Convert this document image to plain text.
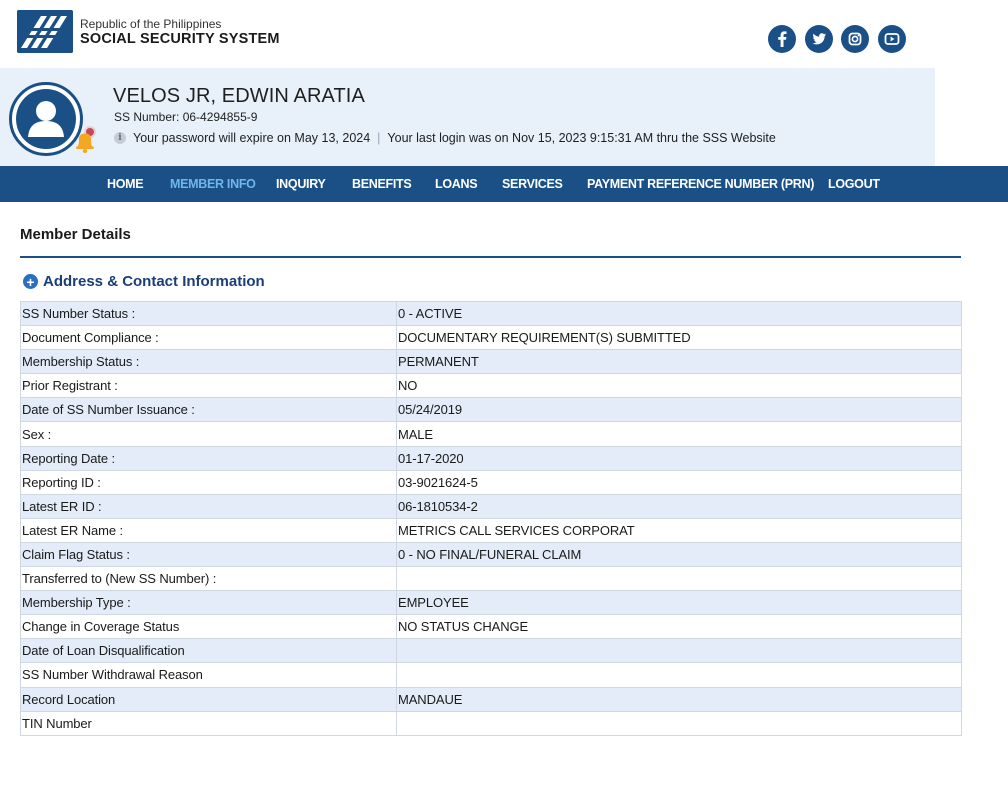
Republic of the Philippines
SOCIAL SECURITY SYSTEM
VELOS JR, EDWIN ARATIA
SS Number: 06-4294855-9
i Your password will expire on May 13, 2024 | Your last login was on Nov 15, 2023 9:15:31 AM thru the SSS Website
HOME MEMBER INFO INQUIRY BENEFITS LOANS SERVICES PAYMENT REFERENCE NUMBER (PRN) LOGOUT
Member Details
+ Address & Contact Information
SS Number Status :	0 - ACTIVE
Document Compliance :	DOCUMENTARY REQUIREMENT(S) SUBMITTED
Membership Status :	PERMANENT
Prior Registrant :	NO
Date of SS Number Issuance :	05/24/2019
Sex :	MALE
Reporting Date :	01-17-2020
Reporting ID :	03-9021624-5
Latest ER ID :	06-1810534-2
Latest ER Name :	METRICS CALL SERVICES CORPORAT
Claim Flag Status :	0 - NO FINAL/FUNERAL CLAIM
Transferred to (New SS Number) :	
Membership Type :	EMPLOYEE
Change in Coverage Status	NO STATUS CHANGE
Date of Loan Disqualification	
SS Number Withdrawal Reason	
Record Location	MANDAUE
TIN Number	
